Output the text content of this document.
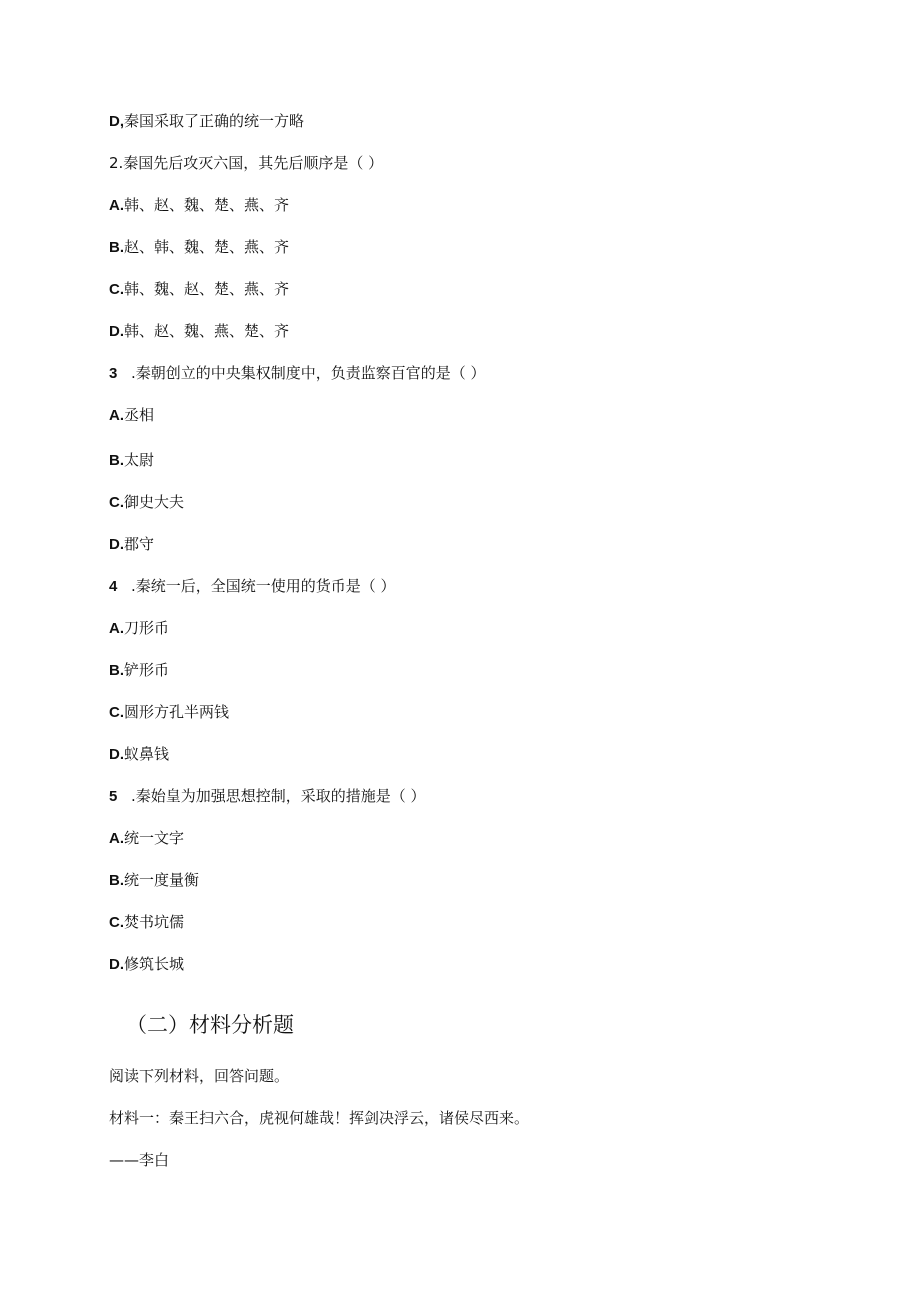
D,秦国采取了正确的统一方略
2.秦国先后攻灭六国，其先后顺序是（ ）
A.韩、赵、魏、楚、燕、齐
B.赵、韩、魏、楚、燕、齐
C.韩、魏、赵、楚、燕、齐
D.韩、赵、魏、燕、楚、齐
3 .秦朝创立的中央集权制度中，负责监察百官的是（ ）
A.丞相
B.太尉
C.御史大夫
D.郡守
4 .秦统一后，全国统一使用的货币是（ ）
A.刀形币
B.铲形币
C.圆形方孔半两钱
D.蚁鼻钱
5 .秦始皇为加强思想控制，采取的措施是（ ）
A.统一文字
B.统一度量衡
C.焚书坑儒
D.修筑长城
（二）材料分析题
阅读下列材料，回答问题。
材料一：秦王扫六合，虎视何雄哉！挥剑决浮云，诸侯尽西来。
——李白
